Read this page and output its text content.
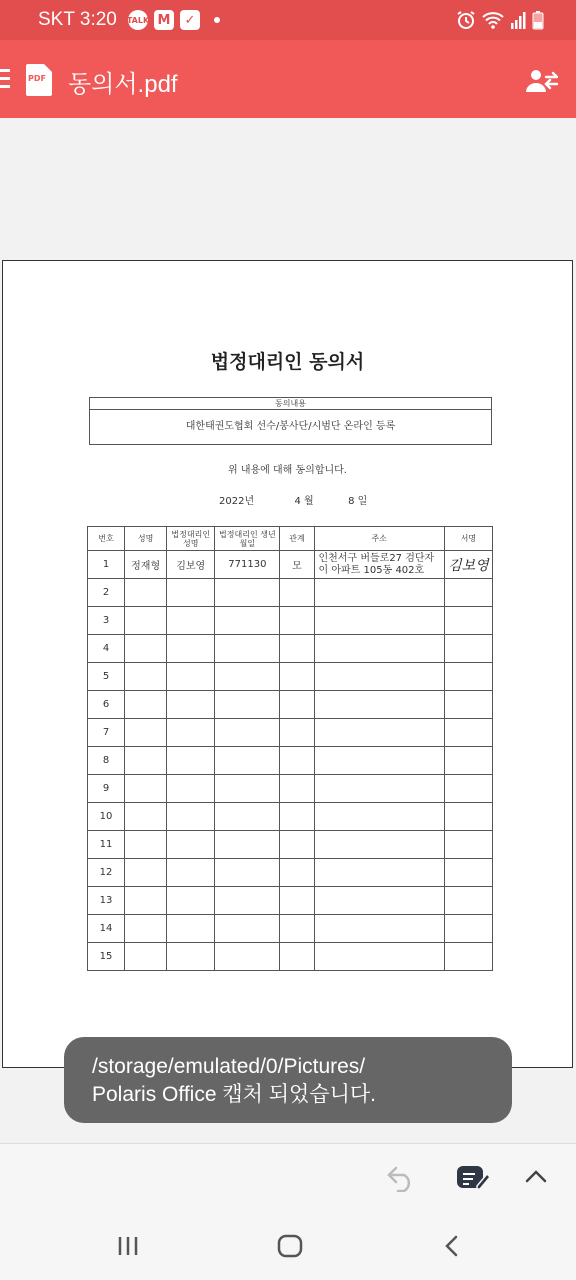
SKT 3:20 TALK M	✓
PDF 동의서.pdf
법정대리인 동의서
동의내용
대한태권도협회 선수/봉사단/시범단 온라인 등록
위 내용에 대해 동의합니다.
2022년	4 월	8 일
번호	성명	법정대리인 성명	법정대리인 생년월일	관계	주소	서명
1	정재형	김보영	771130	모	인천서구 버들로27 검단자이 아파트 105동 402호	김보영
2						
3						
4						
5						
6						
7						
8						
9						
10						
11						
12						
13						
14						
15						
/storage/emulated/0/Pictures/
Polaris Office 캡처 되었습니다.
